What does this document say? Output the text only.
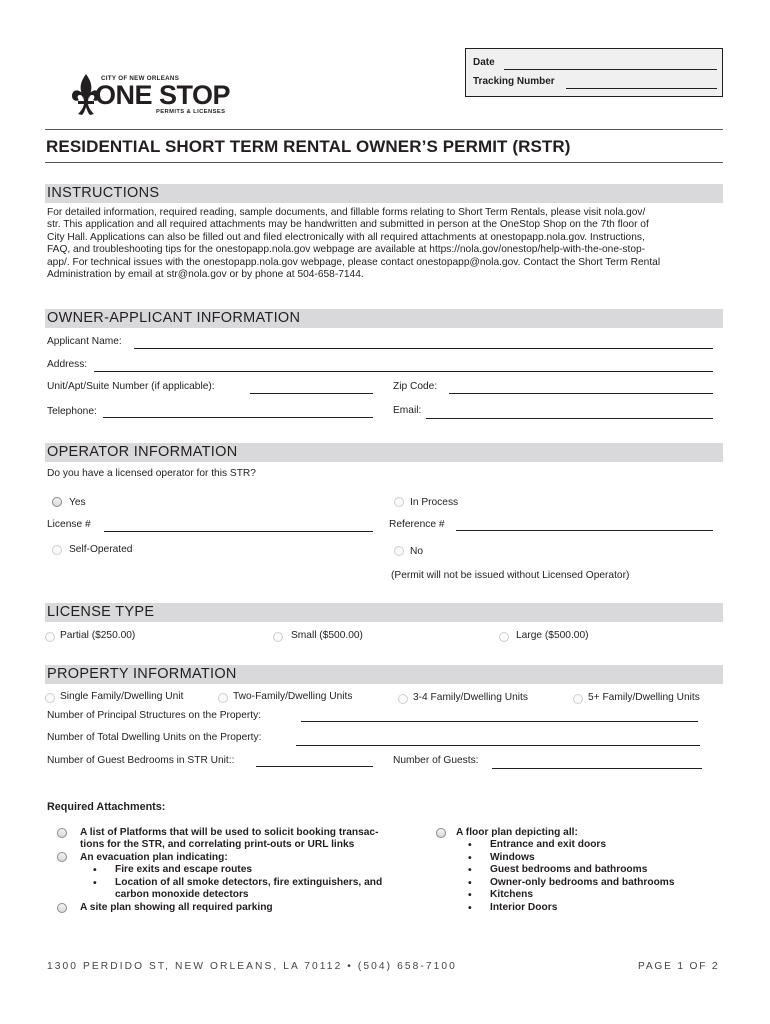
CITY OF NEW ORLEANS
ONE STOP
PERMITS & LICENSES
Date
Tracking Number
RESIDENTIAL SHORT TERM RENTAL OWNER’S PERMIT (RSTR)
INSTRUCTIONS
For detailed information, required reading, sample documents, and fillable forms relating to Short Term Rentals, please visit nola.gov/
str. This application and all required attachments may be handwritten and submitted in person at the OneStop Shop on the 7th floor of
City Hall. Applications can also be filled out and filed electronically with all required attachments at onestopapp.nola.gov. Instructions,
FAQ, and troubleshooting tips for the onestopapp.nola.gov webpage are available at https://nola.gov/onestop/help-with-the-one-stop-
app/. For technical issues with the onestopapp.nola.gov webpage, please contact onestopapp@nola.gov. Contact the Short Term Rental
Administration by email at str@nola.gov or by phone at 504-658-7144.
OWNER-APPLICANT INFORMATION
Applicant Name:
Address:
Unit/Apt/Suite Number (if applicable):	Zip Code:
Telephone:	Email:
OPERATOR INFORMATION
Do you have a licensed operator for this STR?
Yes	In Process
License #	Reference #
Self-Operated	No
(Permit will not be issued without Licensed Operator)
LICENSE TYPE
Partial ($250.00)	Small ($500.00)	Large ($500.00)
PROPERTY INFORMATION
Single Family/Dwelling Unit	Two-Family/Dwelling Units	3-4 Family/Dwelling Units	5+ Family/Dwelling Units
Number of Principal Structures on the Property:
Number of Total Dwelling Units on the Property:
Number of Guest Bedrooms in STR Unit::	Number of Guests:
Required Attachments:
A list of Platforms that will be used to solicit booking transac-
tions for the STR, and correlating print-outs or URL links
An evacuation plan indicating:
• Fire exits and escape routes
• Location of all smoke detectors, fire extinguishers, and
carbon monoxide detectors
A site plan showing all required parking
A floor plan depicting all:
• Entrance and exit doors
• Windows
• Guest bedrooms and bathrooms
• Owner-only bedrooms and bathrooms
• Kitchens
• Interior Doors
1300 PERDIDO ST, NEW ORLEANS, LA 70112 • (504) 658-7100	PAGE 1 OF 2
